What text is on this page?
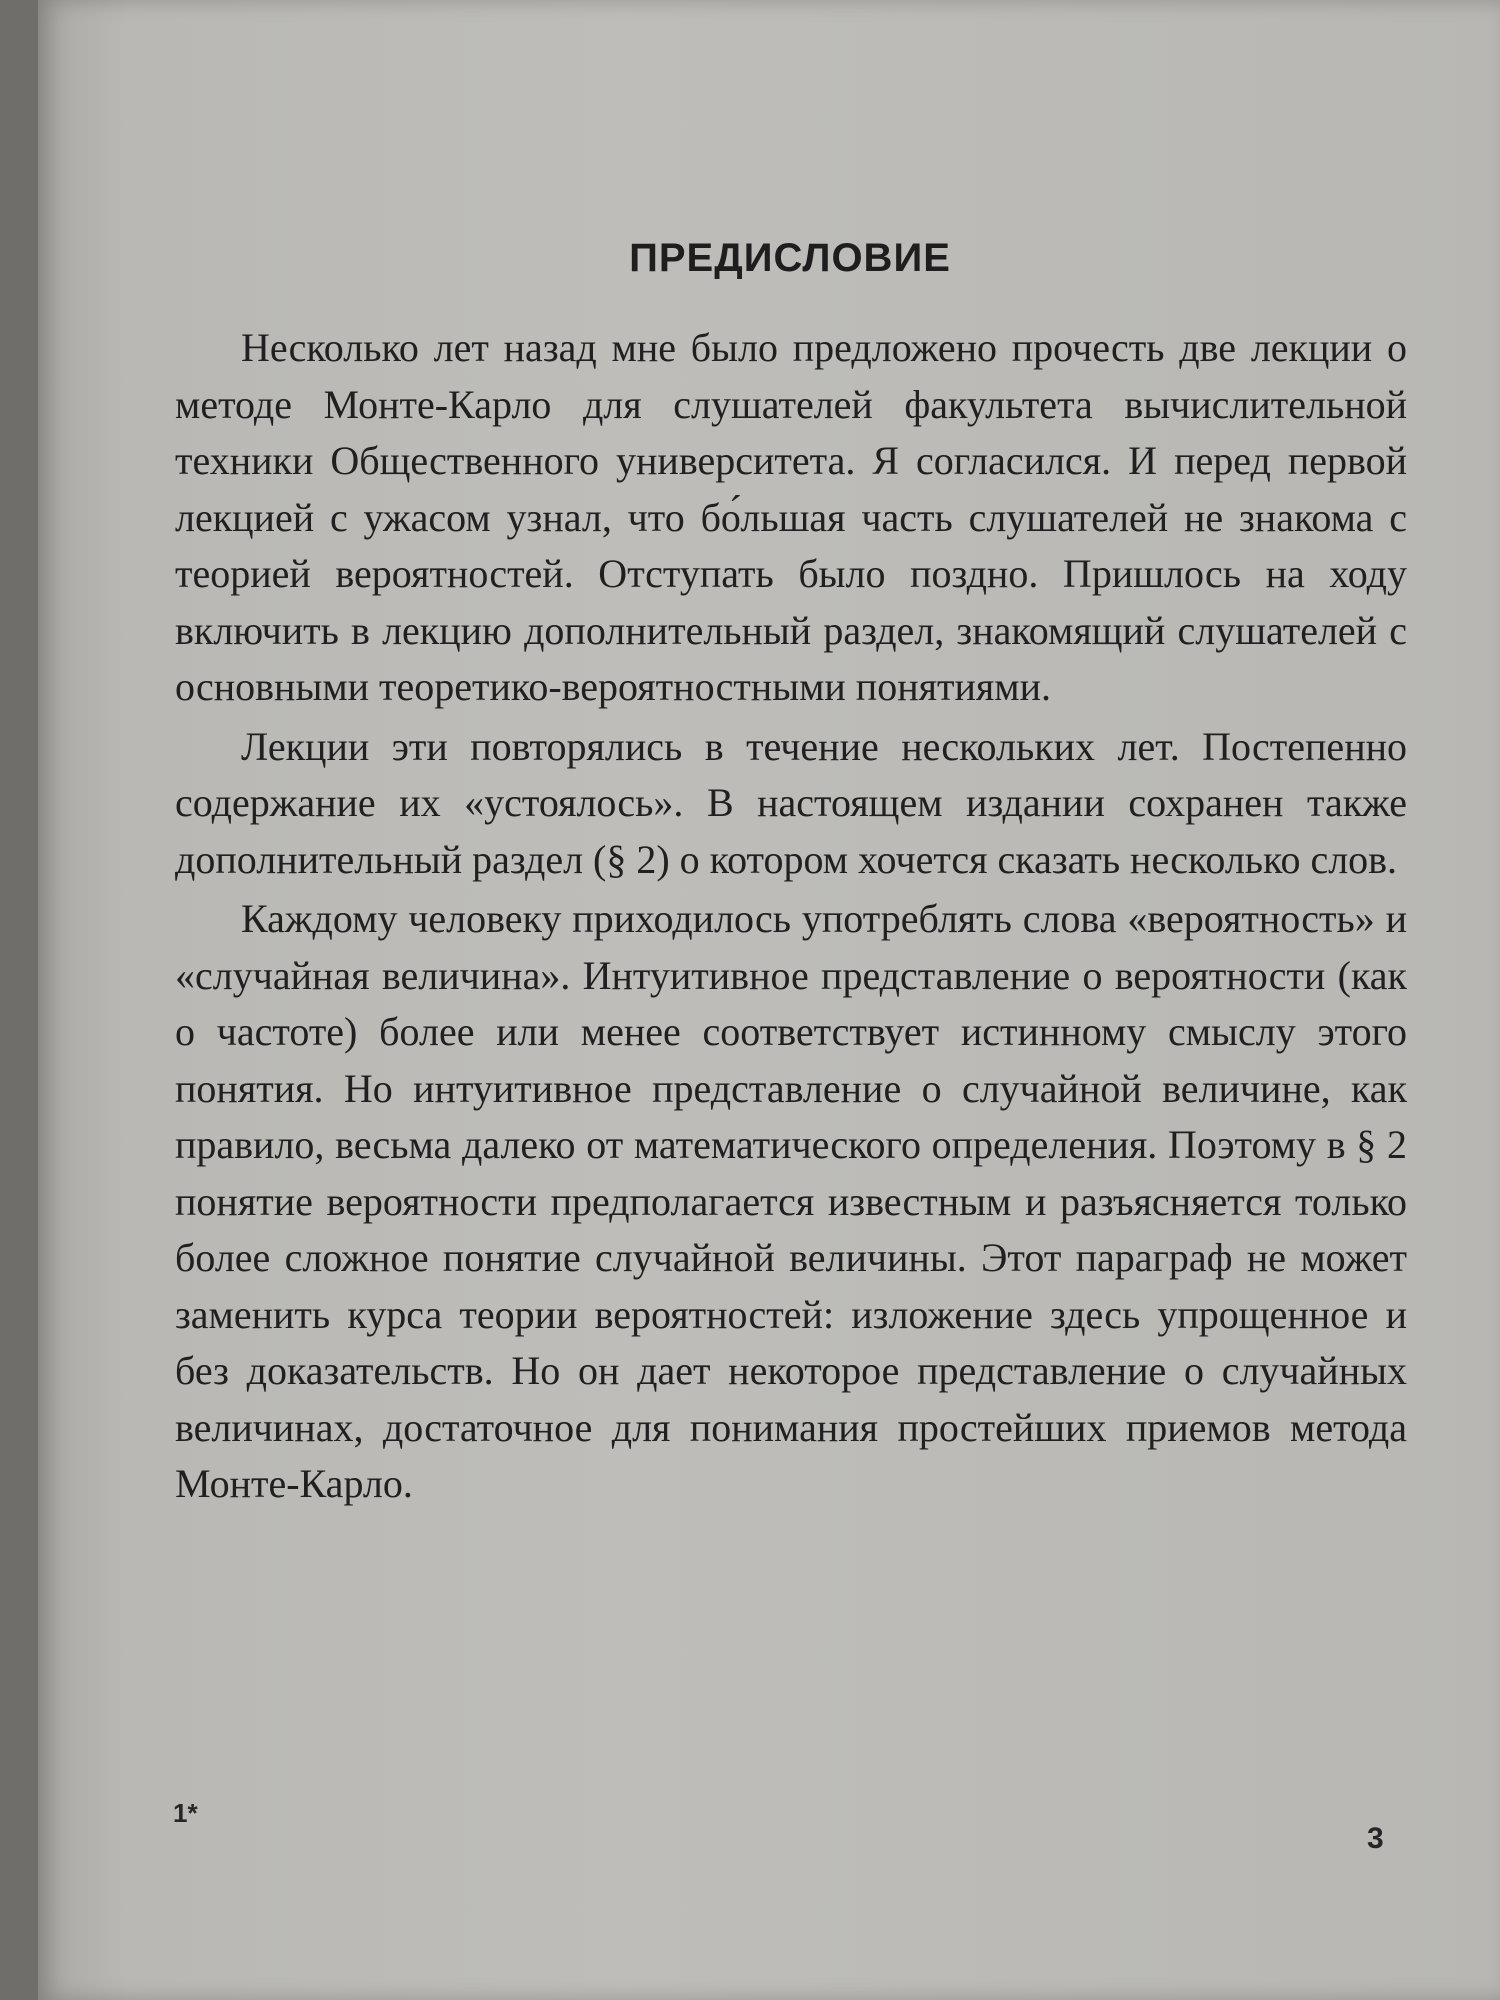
ПРЕДИСЛОВИЕ

Несколько лет назад мне было предложено прочесть две лекции о методе Монте-Карло для слушателей факультета вычислительной техники Общественного университета. Я согласился. И перед первой лекцией с ужасом узнал, что бо́льшая часть слушателей не знакома с теорией вероятностей. Отступать было поздно. Пришлось на ходу включить в лекцию дополнительный раздел, знакомящий слушателей с основными теоретико-вероятностными понятиями.

Лекции эти повторялись в течение нескольких лет. Постепенно содержание их «устоялось». В настоящем издании сохранен также дополнительный раздел (§ 2) о котором хочется сказать несколько слов.

Каждому человеку приходилось употреблять слова «вероятность» и «случайная величина». Интуитивное представление о вероятности (как о частоте) более или менее соответствует истинному смыслу этого понятия. Но интуитивное представление о случайной величине, как правило, весьма далеко от математического определения. Поэтому в § 2 понятие вероятности предполагается известным и разъясняется только более сложное понятие случайной величины. Этот параграф не может заменить курса теории вероятностей: изложение здесь упрощенное и без доказательств. Но он дает некоторое представление о случайных величинах, достаточное для понимания простейших приемов метода Монте-Карло.

1*
3
